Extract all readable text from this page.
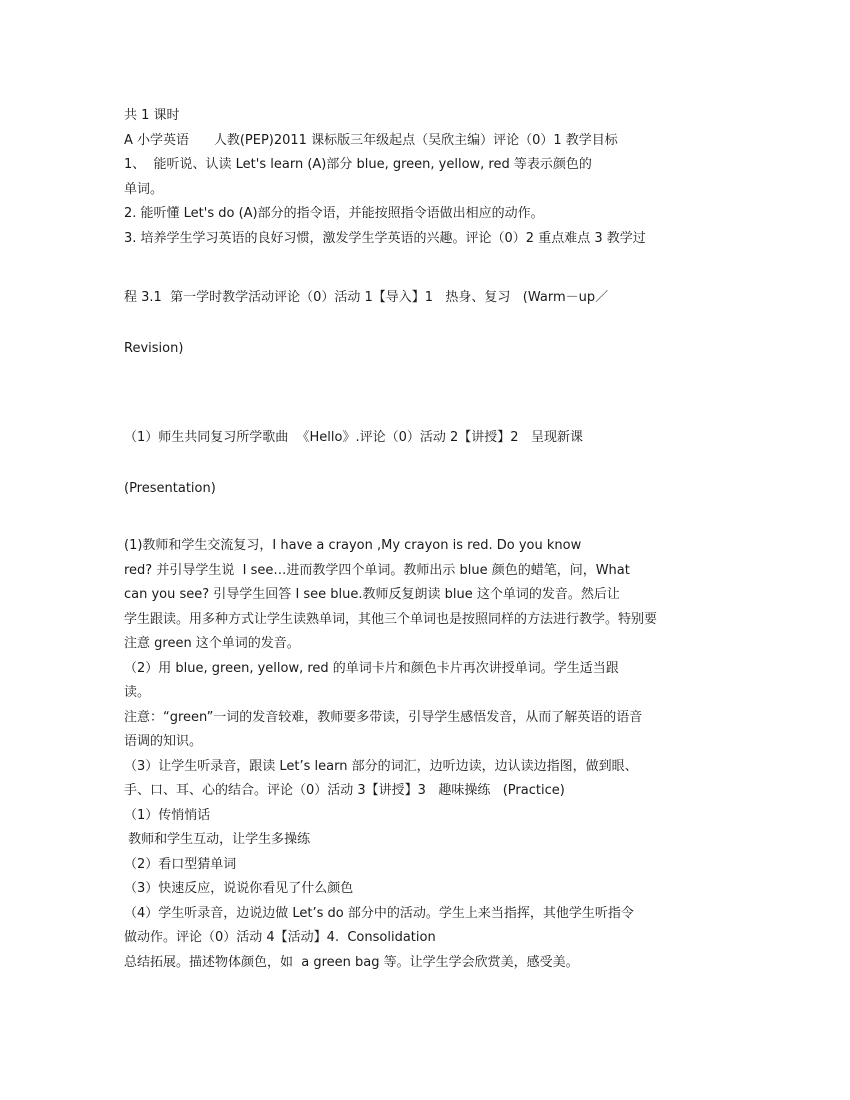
共 1 课时
A 小学英语      人教(PEP)2011 课标版三年级起点（吴欣主编）评论（0）1 教学目标
1、  能听说、认读 Let's learn (A)部分 blue, green, yellow, red 等表示颜色的
单词。
2. 能听懂 Let's do (A)部分的指令语，并能按照指令语做出相应的动作。
3. 培养学生学习英语的良好习惯，激发学生学英语的兴趣。评论（0）2 重点难点 3 教学过

程 3.1  第一学时教学活动评论（0）活动 1【导入】1   热身、复习   (Warm－up／

Revision)

（1）师生共同复习所学歌曲  《Hello》.评论（0）活动 2【讲授】2   呈现新课

(Presentation)

(1)教师和学生交流复习，I have a crayon ,My crayon is red. Do you know
red? 并引导学生说  I see…进而教学四个单词。教师出示 blue 颜色的蜡笔，问，What
can you see? 引导学生回答 I see blue.教师反复朗读 blue 这个单词的发音。然后让
学生跟读。用多种方式让学生读熟单词，其他三个单词也是按照同样的方法进行教学。特别要
注意 green 这个单词的发音。
（2）用 blue, green, yellow, red 的单词卡片和颜色卡片再次讲授单词。学生适当跟
读。
注意：“green”一词的发音较难，教师要多带读，引导学生感悟发音，从而了解英语的语音
语调的知识。
（3）让学生听录音，跟读 Let’s learn 部分的词汇，边听边读，边认读边指图，做到眼、
手、口、耳、心的结合。评论（0）活动 3【讲授】3   趣味操练   (Practice)
（1）传悄悄话
教师和学生互动，让学生多操练
（2）看口型猜单词
（3）快速反应，说说你看见了什么颜色
（4）学生听录音，边说边做 Let’s do 部分中的活动。学生上来当指挥，其他学生听指令
做动作。评论（0）活动 4【活动】4.  Consolidation
总结拓展。描述物体颜色，如  a green bag 等。让学生学会欣赏美，感受美。
